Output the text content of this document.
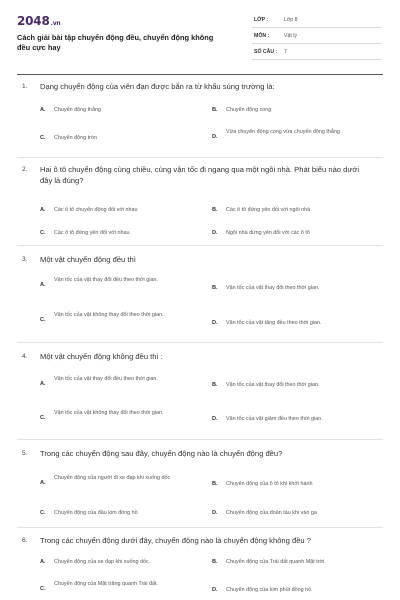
2048.vn
Cách giải bài tập chuyển động đều, chuyển động không đều cực hay
LỚP :	Lớp 8
MÔN :	Vật lý
SỐ CÂU : 7
1. Dạng chuyển động của viên đạn được bắn ra từ khẩu súng trường là:
A. Chuyển động thẳng	B. Chuyển động cong
C. Chuyển động tròn	D.
Vừa chuyển động cong vừa chuyển động thẳng
2. Hai ô tô chuyển động cùng chiều, cùng vận tốc đi ngang qua một ngôi nhà. Phát biểu nào dưới đây là đúng?
A. Các ô tô chuyển động đối với nhau	B. Các ô tô đứng yên đối với ngôi nhà
C. Các ô tô đứng yên đối với nhau	D. Ngôi nhà đứng yên đối với các ô tô
3. Một vật chuyển động đều thì
A.
Vận tốc của vật thay đổi đều theo thời gian.
B. Vận tốc của vật thay đổi theo thời gian.
C.
Vận tốc của vật không thay đổi theo thời gian.
D. Vận tốc của vật tăng đều theo thời gian.
4. Một vật chuyển động không đều thì :
A.
Vận tốc của vật thay đổi đều theo thời gian.
B. Vận tốc của vật thay đổi theo thời gian.
C.
Vận tốc của vật không thay đổi theo thời gian.
D. Vận tốc của vật giảm đều theo thời gian.
5. Trong các chuyển động sau đây, chuyển động nào là chuyển động đều?
A.
Chuyển động của người đi xe đạp khi xuống dốc
B. Chuyển động của ô tô khi khởi hành
C. Chuyển động của đầu kim đồng hồ	D. Chuyển động của đoàn tàu khi vào ga
6. Trong các chuyển động dưới đây, chuyển động nào là chuyển động không đều ?
A. Chuyển động của xe đạp khi xuống dốc.	B. Chuyển động của Trái đất quanh Mặt trời.
C.
Chuyển động của Mặt trăng quanh Trái đất.
D. Chuyển động của kim phút đồng hồ.
